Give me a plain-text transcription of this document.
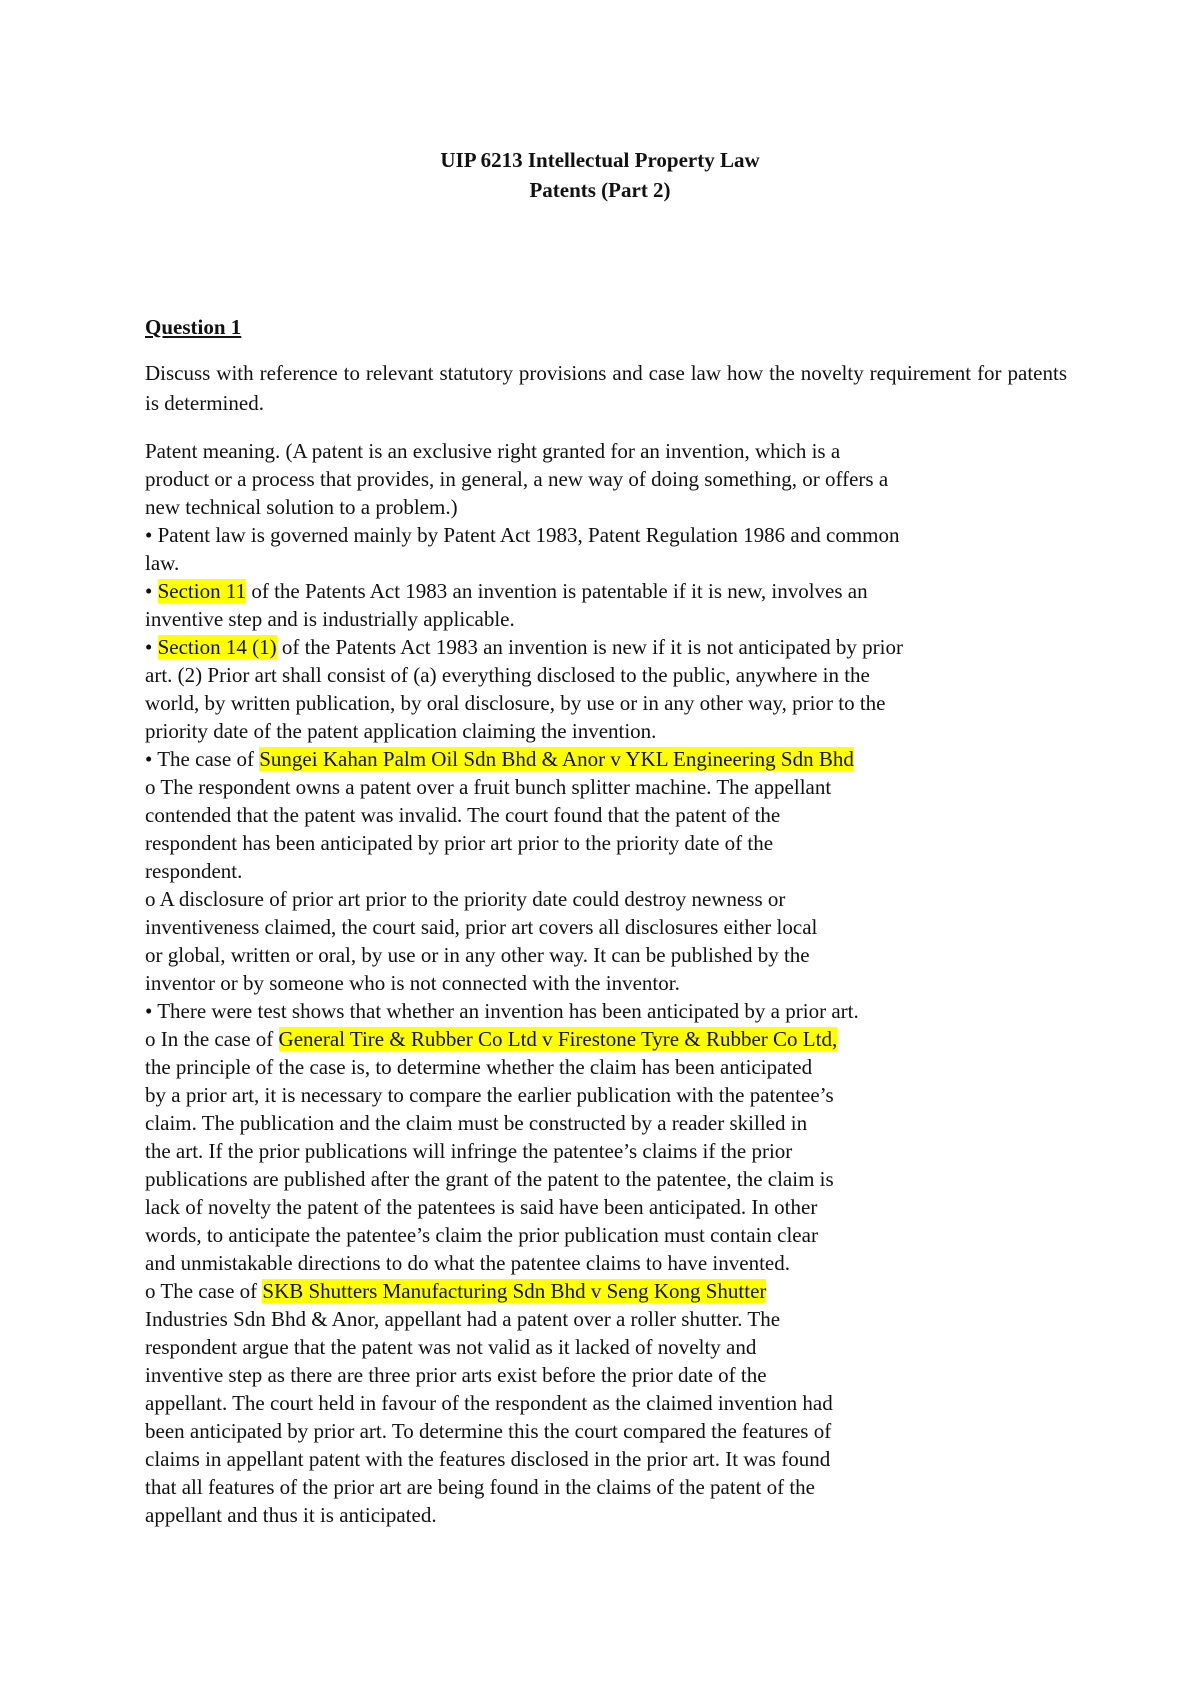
UIP 6213 Intellectual Property Law
Patents (Part 2)
Question 1
Discuss with reference to relevant statutory provisions and case law how the novelty requirement for patents is determined.
Patent meaning. (A patent is an exclusive right granted for an invention, which is a
product or a process that provides, in general, a new way of doing something, or offers a
new technical solution to a problem.)
• Patent law is governed mainly by Patent Act 1983, Patent Regulation 1986 and common
law.
• Section 11 of the Patents Act 1983 an invention is patentable if it is new, involves an
inventive step and is industrially applicable.
• Section 14 (1) of the Patents Act 1983 an invention is new if it is not anticipated by prior
art. (2) Prior art shall consist of (a) everything disclosed to the public, anywhere in the
world, by written publication, by oral disclosure, by use or in any other way, prior to the
priority date of the patent application claiming the invention.
• The case of Sungei Kahan Palm Oil Sdn Bhd & Anor v YKL Engineering Sdn Bhd
o The respondent owns a patent over a fruit bunch splitter machine. The appellant
contended that the patent was invalid. The court found that the patent of the
respondent has been anticipated by prior art prior to the priority date of the
respondent.
o A disclosure of prior art prior to the priority date could destroy newness or
inventiveness claimed, the court said, prior art covers all disclosures either local
or global, written or oral, by use or in any other way. It can be published by the
inventor or by someone who is not connected with the inventor.
• There were test shows that whether an invention has been anticipated by a prior art.
o In the case of General Tire & Rubber Co Ltd v Firestone Tyre & Rubber Co Ltd,
the principle of the case is, to determine whether the claim has been anticipated
by a prior art, it is necessary to compare the earlier publication with the patentee’s
claim. The publication and the claim must be constructed by a reader skilled in
the art. If the prior publications will infringe the patentee’s claims if the prior
publications are published after the grant of the patent to the patentee, the claim is
lack of novelty the patent of the patentees is said have been anticipated. In other
words, to anticipate the patentee’s claim the prior publication must contain clear
and unmistakable directions to do what the patentee claims to have invented.
o The case of SKB Shutters Manufacturing Sdn Bhd v Seng Kong Shutter
Industries Sdn Bhd & Anor, appellant had a patent over a roller shutter. The
respondent argue that the patent was not valid as it lacked of novelty and
inventive step as there are three prior arts exist before the prior date of the
appellant. The court held in favour of the respondent as the claimed invention had
been anticipated by prior art. To determine this the court compared the features of
claims in appellant patent with the features disclosed in the prior art. It was found
that all features of the prior art are being found in the claims of the patent of the
appellant and thus it is anticipated.
